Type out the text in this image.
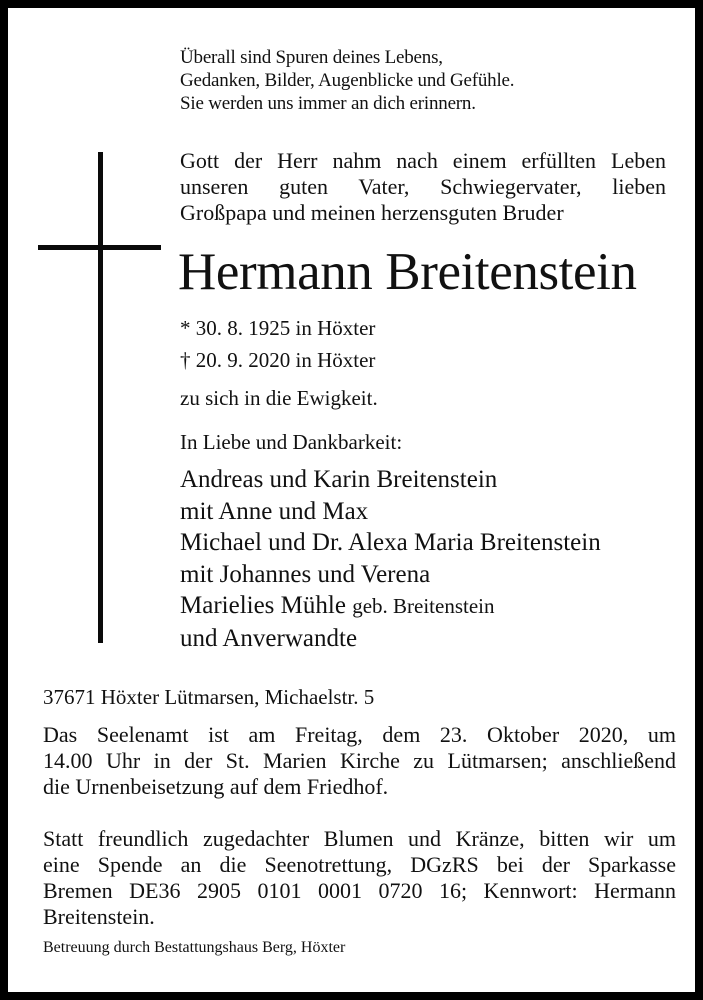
Überall sind Spuren deines Lebens,
Gedanken, Bilder, Augenblicke und Gefühle.
Sie werden uns immer an dich erinnern.
Gott der Herr nahm nach einem erfüllten Leben
unseren guten Vater, Schwiegervater, lieben
Großpapa und meinen herzensguten Bruder
Hermann Breitenstein
* 30. 8. 1925 in Höxter
† 20. 9. 2020 in Höxter
zu sich in die Ewigkeit.
In Liebe und Dankbarkeit:
Andreas und Karin Breitenstein
mit Anne und Max
Michael und Dr. Alexa Maria Breitenstein
mit Johannes und Verena
Marielies Mühle geb. Breitenstein
und Anverwandte
37671 Höxter Lütmarsen, Michaelstr. 5
Das Seelenamt ist am Freitag, dem 23. Oktober 2020, um
14.00 Uhr in der St. Marien Kirche zu Lütmarsen; anschließend
die Urnenbeisetzung auf dem Friedhof.
Statt freundlich zugedachter Blumen und Kränze, bitten wir um
eine Spende an die Seenotrettung, DGzRS bei der Sparkasse
Bremen DE36 2905 0101 0001 0720 16; Kennwort: Hermann
Breitenstein.
Betreuung durch Bestattungshaus Berg, Höxter
